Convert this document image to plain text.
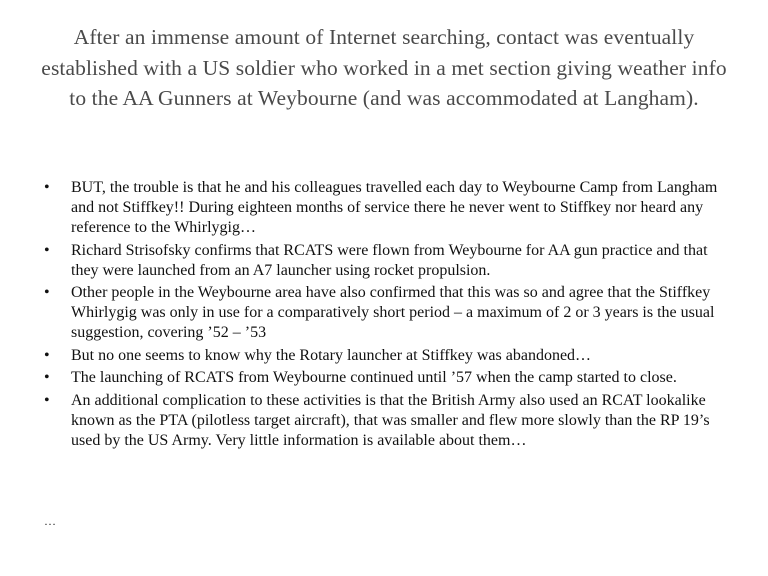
After an immense amount of Internet searching, contact was eventually established with a US soldier who worked in a met section giving weather info to the AA Gunners at Weybourne (and was accommodated at Langham).
•	BUT, the trouble is that he and his colleagues travelled each day to Weybourne Camp from Langham and not Stiffkey!! During eighteen months of service there he never went to Stiffkey nor heard any reference to the Whirlygig…
•	Richard Strisofsky confirms that RCATS were flown from Weybourne for AA gun practice and that they were launched from an A7 launcher using rocket propulsion.
•	Other people in the Weybourne area have also confirmed that this was so and agree that the Stiffkey Whirlygig was only in use for a comparatively short period – a maximum of 2 or 3 years is the usual suggestion, covering ’52 – ’53
•	But no one seems to know why the Rotary launcher at Stiffkey was abandoned…
•	The launching of RCATS from Weybourne continued until ’57 when the camp started to close.
•	An additional complication to these activities is that the British Army also used an RCAT lookalike known as the PTA (pilotless target aircraft), that was smaller and flew more slowly than the RP 19’s used by the US Army. Very little information is available about them…
…
